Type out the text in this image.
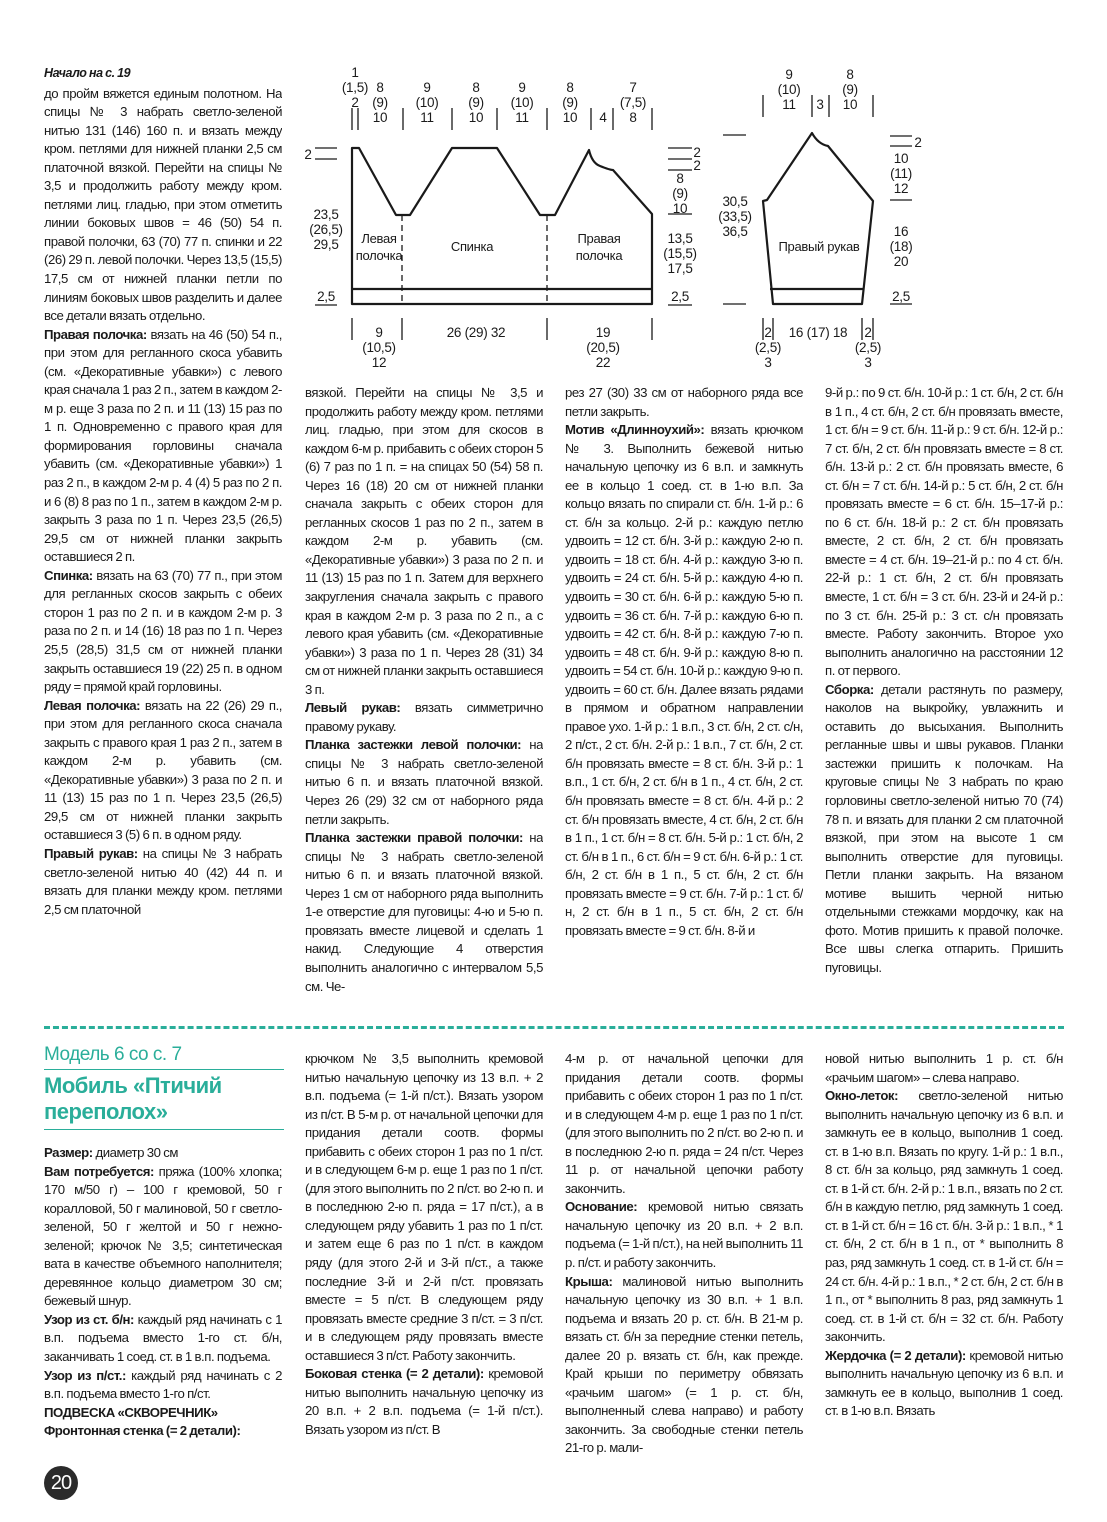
Начало на с. 19

до пройм вяжется единым полотном. На спицы № 3 набрать светло-зеленой нитью 131 (146) 160 п. и вязать между кром. петлями для нижней планки 2,5 см платочной вязкой. Перейти на спицы № 3,5 и продолжить работу между кром. петлями лиц. гладью, при этом отметить линии боковых швов = 46 (50) 54 п. правой полочки, 63 (70) 77 п. спинки и 22 (26) 29 п. левой полочки. Через 13,5 (15,5) 17,5 см от нижней планки петли по линиям боковых швов разделить и далее все детали вязать отдельно.

Правая полочка: вязать на 46 (50) 54 п., при этом для регланного скоса убавить (см. «Декоративные убавки») с левого края сначала 1 раз 2 п., затем в каждом 2-м р. еще 3 раза по 2 п. и 11 (13) 15 раз по 1 п. Одновременно с правого края для формирования горловины сначала убавить (см. «Декоративные убавки») 1 раз 2 п., в каждом 2-м р. 4 (4) 5 раз по 2 п. и 6 (8) 8 раз по 1 п., затем в каждом 2-м р. закрыть 3 раза по 1 п. Через 23,5 (26,5) 29,5 см от нижней планки закрыть оставшиеся 2 п.

Спинка: вязать на 63 (70) 77 п., при этом для регланных скосов закрыть с обеих сторон 1 раз по 2 п. и в каждом 2-м р. 3 раза по 2 п. и 14 (16) 18 раз по 1 п. Через 25,5 (28,5) 31,5 см от нижней планки закрыть оставшиеся 19 (22) 25 п. в одном ряду = прямой край горловины.

Левая полочка: вязать на 22 (26) 29 п., при этом для регланного скоса сначала закрыть с правого края 1 раз 2 п., затем в каждом 2-м р. убавить (см. «Декоративные убавки») 3 раза по 2 п. и 11 (13) 15 раз по 1 п. Через 23,5 (26,5) 29,5 см от нижней планки закрыть оставшиеся 3 (5) 6 п. в одном ряду.

Правый рукав: на спицы № 3 набрать светло-зеленой нитью 40 (42) 44 п. и вязать для планки между кром. петлями 2,5 см платочной

вязкой. Перейти на спицы № 3,5 и продолжить работу между кром. петлями лиц. гладью, при этом для скосов в каждом 6-м р. прибавить с обеих сторон 5 (6) 7 раз по 1 п. = на спицах 50 (54) 58 п. Через 16 (18) 20 см от нижней планки сначала закрыть с обеих сторон для регланных скосов 1 раз по 2 п., затем в каждом 2-м р. убавить (см. «Декоративные убавки») 3 раза по 2 п. и 11 (13) 15 раз по 1 п. Затем для верхнего закругления сначала закрыть с правого края в каждом 2-м р. 3 раза по 2 п., а с левого края убавить (см. «Декоративные убавки») 3 раза по 1 п. Через 28 (31) 34 см от нижней планки закрыть оставшиеся 3 п.

Левый рукав: вязать симметрично правому рукаву.

Планка застежки левой полочки: на спицы № 3 набрать светло-зеленой нитью 6 п. и вязать платочной вязкой. Через 26 (29) 32 см от наборного ряда петли закрыть.

Планка застежки правой полочки: на спицы № 3 набрать светло-зеленой нитью 6 п. и вязать платочной вязкой. Через 1 см от наборного ряда выполнить 1-е отверстие для пуговицы: 4-ю и 5-ю п. провязать вместе лицевой и сделать 1 накид. Следующие 4 отверстия выполнить аналогично с интервалом 5,5 см. Че-

рез 27 (30) 33 см от наборного ряда все петли закрыть.

Мотив «Длинноухий»: вязать крючком № 3. Выполнить бежевой нитью начальную цепочку из 6 в.п. и замкнуть ее в кольцо 1 соед. ст. в 1-ю в.п. За кольцо вязать по спирали ст. б/н. 1-й р.: 6 ст. б/н за кольцо. 2-й р.: каждую петлю удвоить = 12 ст. б/н. 3-й р.: каждую 2-ю п. удвоить = 18 ст. б/н. 4-й р.: каждую 3-ю п. удвоить = 24 ст. б/н. 5-й р.: каждую 4-ю п. удвоить = 30 ст. б/н. 6-й р.: каждую 5-ю п. удвоить = 36 ст. б/н. 7-й р.: каждую 6-ю п. удвоить = 42 ст. б/н. 8-й р.: каждую 7-ю п. удвоить = 48 ст. б/н. 9-й р.: каждую 8-ю п. удвоить = 54 ст. б/н. 10-й р.: каждую 9-ю п. удвоить = 60 ст. б/н. Далее вязать рядами в прямом и обратном направлении правое ухо. 1-й р.: 1 в.п., 3 ст. б/н, 2 ст. с/н, 2 п/ст., 2 ст. б/н. 2-й р.: 1 в.п., 7 ст. б/н, 2 ст. б/н провязать вместе = 8 ст. б/н. 3-й р.: 1 в.п., 1 ст. б/н, 2 ст. б/н в 1 п., 4 ст. б/н, 2 ст. б/н провязать вместе = 8 ст. б/н. 4-й р.: 2 ст. б/н провязать вместе, 4 ст. б/н, 2 ст. б/н в 1 п., 1 ст. б/н = 8 ст. б/н. 5-й р.: 1 ст. б/н, 2 ст. б/н в 1 п., 6 ст. б/н = 9 ст. б/н. 6-й р.: 1 ст. б/н, 2 ст. б/н в 1 п., 5 ст. б/н, 2 ст. б/н провязать вместе = 9 ст. б/н. 7-й р.: 1 ст. б/н, 2 ст. б/н в 1 п., 5 ст. б/н, 2 ст. б/н провязать вместе = 9 ст. б/н. 8-й и

9-й р.: по 9 ст. б/н. 10-й р.: 1 ст. б/н, 2 ст. б/н в 1 п., 4 ст. б/н, 2 ст. б/н провязать вместе, 1 ст. б/н = 9 ст. б/н. 11-й р.: 9 ст. б/н. 12-й р.: 7 ст. б/н, 2 ст. б/н провязать вместе = 8 ст. б/н. 13-й р.: 2 ст. б/н провязать вместе, 6 ст. б/н = 7 ст. б/н. 14-й р.: 5 ст. б/н, 2 ст. б/н провязать вместе = 6 ст. б/н. 15–17-й р.: по 6 ст. б/н. 18-й р.: 2 ст. б/н провязать вместе, 2 ст. б/н, 2 ст. б/н провязать вместе = 4 ст. б/н. 19–21-й р.: по 4 ст. б/н. 22-й р.: 1 ст. б/н, 2 ст. б/н провязать вместе, 1 ст. б/н = 3 ст. б/н. 23-й и 24-й р.: по 3 ст. б/н. 25-й р.: 3 ст. с/н провязать вместе. Работу закончить. Второе ухо выполнить аналогично на расстоянии 12 п. от первого.

Сборка: детали растянуть по размеру, наколов на выкройку, увлажнить и оставить до высыхания. Выполнить регланные швы и швы рукавов. Планки застежки пришить к полочкам. На круговые спицы № 3 набрать по краю горловины светло-зеленой нитью 70 (74) 78 п. и вязать для планки 2 см платочной вязкой, при этом на высоте 1 см выполнить отверстие для пуговицы. Петли планки закрыть. На вязаном мотиве вышить черной нитью отдельными стежками мордочку, как на фото. Мотив пришить к правой полочке. Все швы слегка отпарить. Пришить пуговицы.

Левая
полочка
Спинка
Правая
полочка
Правый рукав
1
(1,5)
2
8
(9)
10
9
(10)
11
8
(9)
10
9
(10)
11
8
(9)
10 4
7
(7,5)
8
2
23,5
(26,5)
29,5
2,5
2
2
8
(9)
10
13,5
(15,5)
17,5
2,5
9
(10,5)
12
26 (29) 32	19
(20,5)
22
9
(10)
11 3
8
(9)
10
30,5
(33,5)
36,5
2
10
(11)
12
16
(18)
20
2,5
2
(2,5)
3
16 (17) 18 2
(2,5)
3
Модель 6 со с. 7
Мобиль «Птичий переполох»

Размер: диаметр 30 см

Вам потребуется: пряжа (100% хлопка; 170 м/50 г) – 100 г кремовой, 50 г коралловой, 50 г малиновой, 50 г светло-зеленой, 50 г желтой и 50 г нежно-зеленой; крючок № 3,5; синтетическая вата в качестве объемного наполнителя; деревянное кольцо диаметром 30 см; бежевый шнур.

Узор из ст. б/н: каждый ряд начинать с 1 в.п. подъема вместо 1-го ст. б/н, заканчивать 1 соед. ст. в 1 в.п. подъема.

Узор из п/ст.: каждый ряд начинать с 2 в.п. подъема вместо 1-го п/ст.

ПОДВЕСКА «СКВОРЕЧНИК»

Фронтонная стенка (= 2 детали):

крючком № 3,5 выполнить кремовой нитью начальную цепочку из 13 в.п. + 2 в.п. подъема (= 1-й п/ст.). Вязать узором из п/ст. В 5-м р. от начальной цепочки для придания детали соотв. формы прибавить с обеих сторон 1 раз по 1 п/ст. и в следующем 6-м р. еще 1 раз по 1 п/ст. (для этого выполнить по 2 п/ст. во 2-ю п. и в последнюю 2-ю п. ряда = 17 п/ст.), а в следующем ряду убавить 1 раз по 1 п/ст. и затем еще 6 раз по 1 п/ст. в каждом ряду (для этого 2-й и 3-й п/ст., а также последние 3-й и 2-й п/ст. провязать вместе = 5 п/ст. В следующем ряду провязать вместе средние 3 п/ст. = 3 п/ст. и в следующем ряду провязать вместе оставшиеся 3 п/ст. Работу закончить.

Боковая стенка (= 2 детали): кремовой нитью выполнить начальную цепочку из 20 в.п. + 2 в.п. подъема (= 1-й п/ст.). Вязать узором из п/ст. В

4-м р. от начальной цепочки для придания детали соотв. формы прибавить с обеих сторон 1 раз по 1 п/ст. и в следующем 4-м р. еще 1 раз по 1 п/ст. (для этого выполнить по 2 п/ст. во 2-ю п. и в последнюю 2-ю п. ряда = 24 п/ст. Через 11 р. от начальной цепочки работу закончить.

Основание: кремовой нитью связать начальную цепочку из 20 в.п. + 2 в.п. подъема (= 1-й п/ст.), на ней выполнить 11 р. п/ст. и работу закончить.

Крыша: малиновой нитью выполнить начальную цепочку из 30 в.п. + 1 в.п. подъема и вязать 20 р. ст. б/н. В 21-м р. вязать ст. б/н за передние стенки петель, далее 20 р. вязать ст. б/н, как прежде. Край крыши по периметру обвязать «рачьим шагом» (= 1 р. ст. б/н, выполненный слева направо) и работу закончить. За свободные стенки петель 21-го р. мали-

новой нитью выполнить 1 р. ст. б/н «рачьим шагом» – слева направо.

Окно-леток: светло-зеленой нитью выполнить начальную цепочку из 6 в.п. и замкнуть ее в кольцо, выполнив 1 соед. ст. в 1-ю в.п. Вязать по кругу. 1-й р.: 1 в.п., 8 ст. б/н за кольцо, ряд замкнуть 1 соед. ст. в 1-й ст. б/н. 2-й р.: 1 в.п., вязать по 2 ст. б/н в каждую петлю, ряд замкнуть 1 соед. ст. в 1-й ст. б/н = 16 ст. б/н. 3-й р.: 1 в.п., * 1 ст. б/н, 2 ст. б/н в 1 п., от * выполнить 8 раз, ряд замкнуть 1 соед. ст. в 1-й ст. б/н = 24 ст. б/н. 4-й р.: 1 в.п., * 2 ст. б/н, 2 ст. б/н в 1 п., от * выполнить 8 раз, ряд замкнуть 1 соед. ст. в 1-й ст. б/н = 32 ст. б/н. Работу закончить.

Жердочка (= 2 детали): кремовой нитью выполнить начальную цепочку из 6 в.п. и замкнуть ее в кольцо, выполнив 1 соед. ст. в 1-ю в.п. Вязать

20
